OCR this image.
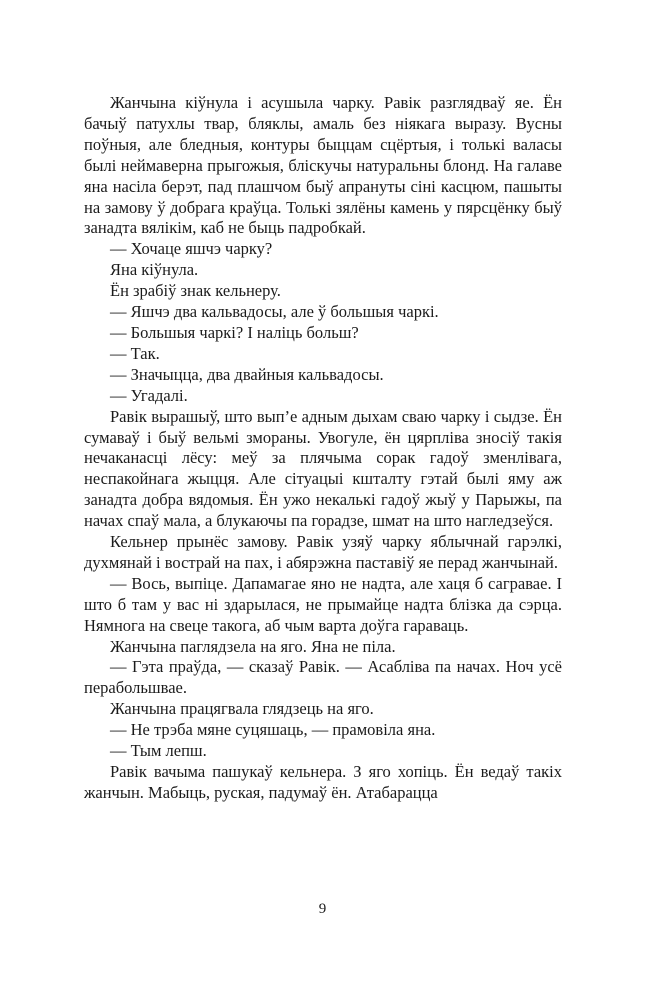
Жанчына кіўнула і асушыла чарку. Равік разглядваў яе. Ён бачыў патухлы твар, бляклы, амаль без ніякага выразу. Вусны поўныя, але бледныя, контуры быццам сцёртыя, і толькі валасы былі неймаверна прыгожыя, бліскучы натуральны блонд. На галаве яна насіла берэт, пад плашчом быў апрануты сіні касцюм, пашыты на замову ў добрага краўца. Толькі зялёны камень у пярсцёнку быў занадта вялікім, каб не быць падробкай.

— Хочаце яшчэ чарку?

Яна кіўнула.

Ён зрабіў знак кельнеру.

— Яшчэ два кальвадосы, але ў большыя чаркі.

— Большыя чаркі? І наліць больш?

— Так.

— Значыцца, два двайныя кальвадосы.

— Угадалі.

Равік вырашыў, што вып’е адным дыхам сваю чарку і сыдзе. Ён сумаваў і быў вельмі змораны. Увогуле, ён цярпліва зносіў такія нечаканасці лёсу: меў за плячыма сорак гадоў зменлівага, неспакойнага жыцця. Але сітуацыі кшталту гэтай былі яму аж занадта добра вядомыя. Ён ужо некалькі гадоў жыў у Парыжы, па начах спаў мала, а блукаючы па горадзе, шмат на што нагледзеўся.

Кельнер прынёс замову. Равік узяў чарку яблычнай гарэлкі, духмянай і вострай на пах, і абярэжна паставіў яе перад жанчынай.

— Вось, выпіце. Дапамагае яно не надта, але хаця б сагравае. І што б там у вас ні здарылася, не прымайце надта блізка да сэрца. Нямнога на свеце такога, аб чым варта доўга гараваць.

Жанчына паглядзела на яго. Яна не піла.

— Гэта праўда, — сказаў Равік. — Асабліва па начах. Ноч усё перабольшвае.

Жанчына працягвала глядзець на яго.

— Не трэба мяне суцяшаць, — прамовіла яна.

— Тым лепш.

Равік вачыма пашукаў кельнера. З яго хопіць. Ён ведаў такіх жанчын. Мабыць, руская, падумаў ён. Атабарацца

9
